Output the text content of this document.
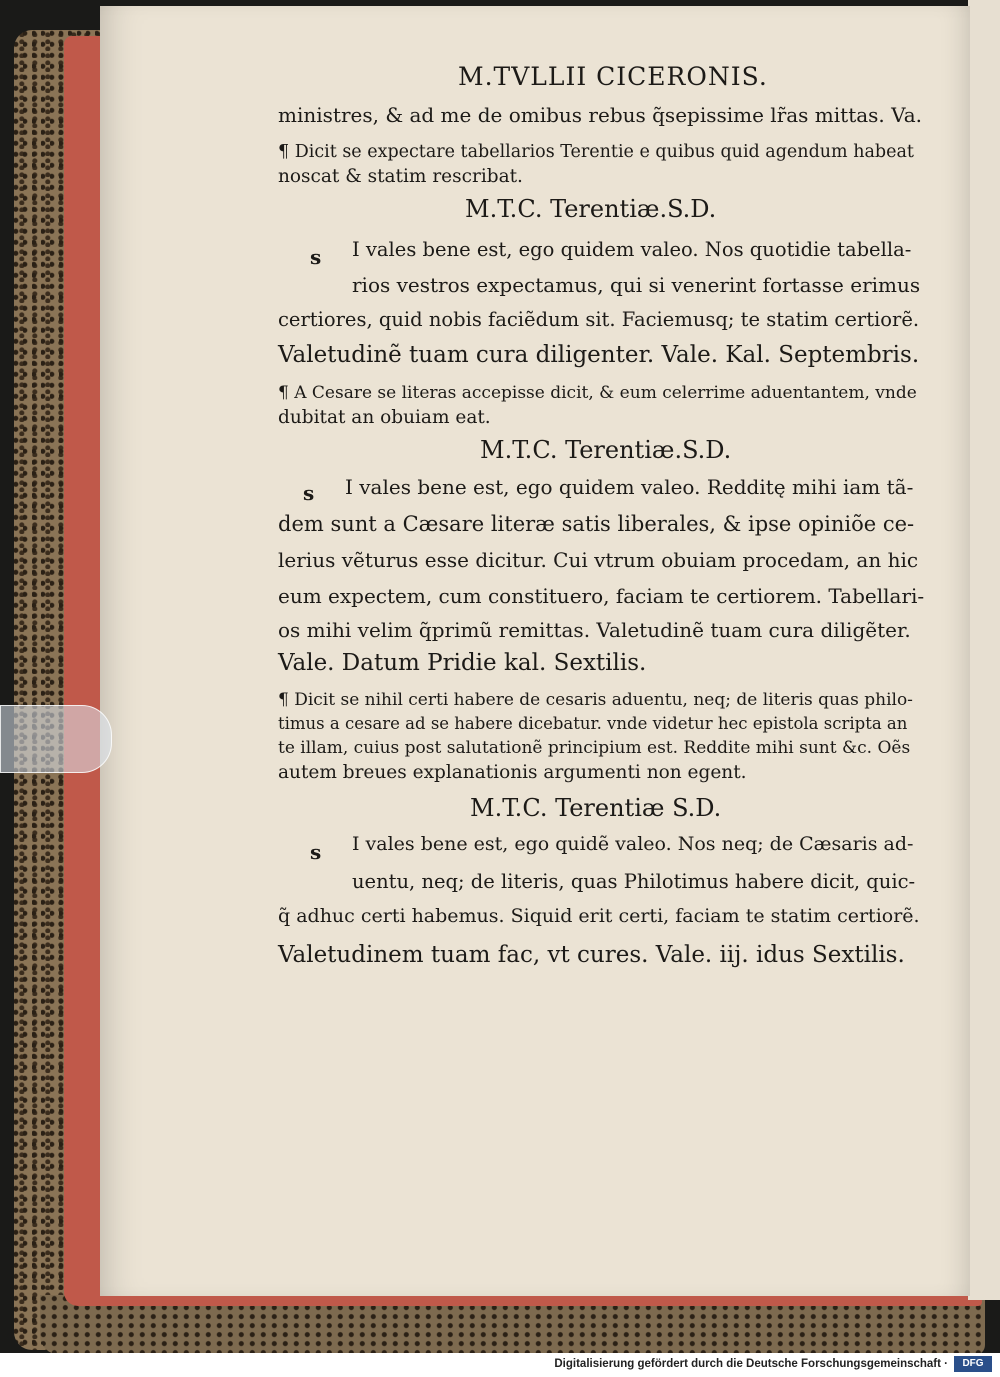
M.TVLLII CICERONIS.
ministres, & ad me de omibus rebus q̃sepissime lr̃as mittas. Va.
¶ Dicit se expectare tabellarios Terentie e quibus quid agendum habeat
noscat & statim rescribat.
M.T.C. Terentiæ.S.D.
s I vales bene est, ego quidem valeo. Nos quotidie tabella-
rios vestros expectamus, qui si venerint fortasse erimus
certiores, quid nobis faciẽdum sit. Faciemusq; te statim certiorẽ.
Valetudinẽ tuam cura diligenter. Vale. Kal. Septembris.
¶ A Cesare se literas accepisse dicit, & eum celerrime aduentantem, vnde
dubitat an obuiam eat.
M.T.C. Terentiæ.S.D.
s I vales bene est, ego quidem valeo. Redditę mihi iam tã-
dem sunt a Cæsare literæ satis liberales, & ipse opiniõe ce-
lerius vẽturus esse dicitur. Cui vtrum obuiam procedam, an hic
eum expectem, cum constituero, faciam te certiorem. Tabellari-
os mihi velim q̃primũ remittas. Valetudinẽ tuam cura diligẽter.
Vale. Datum Pridie kal. Sextilis.
¶ Dicit se nihil certi habere de cesaris aduentu, neq; de literis quas philo-
timus a cesare ad se habere dicebatur. vnde videtur hec epistola scripta an
te illam, cuius post salutationẽ principium est. Reddite mihi sunt &c. Oẽs
autem breues explanationis argumenti non egent.
M.T.C. Terentiæ S.D.
s I vales bene est, ego quidẽ valeo. Nos neq; de Cæsaris ad-
uentu, neq; de literis, quas Philotimus habere dicit, quic-
q̃ adhuc certi habemus. Siquid erit certi, faciam te statim certiorẽ.
Valetudinem tuam fac, vt cures. Vale. iij. idus Sextilis.
Digitalisierung gefördert durch die Deutsche Forschungsgemeinschaft ·	DFG
